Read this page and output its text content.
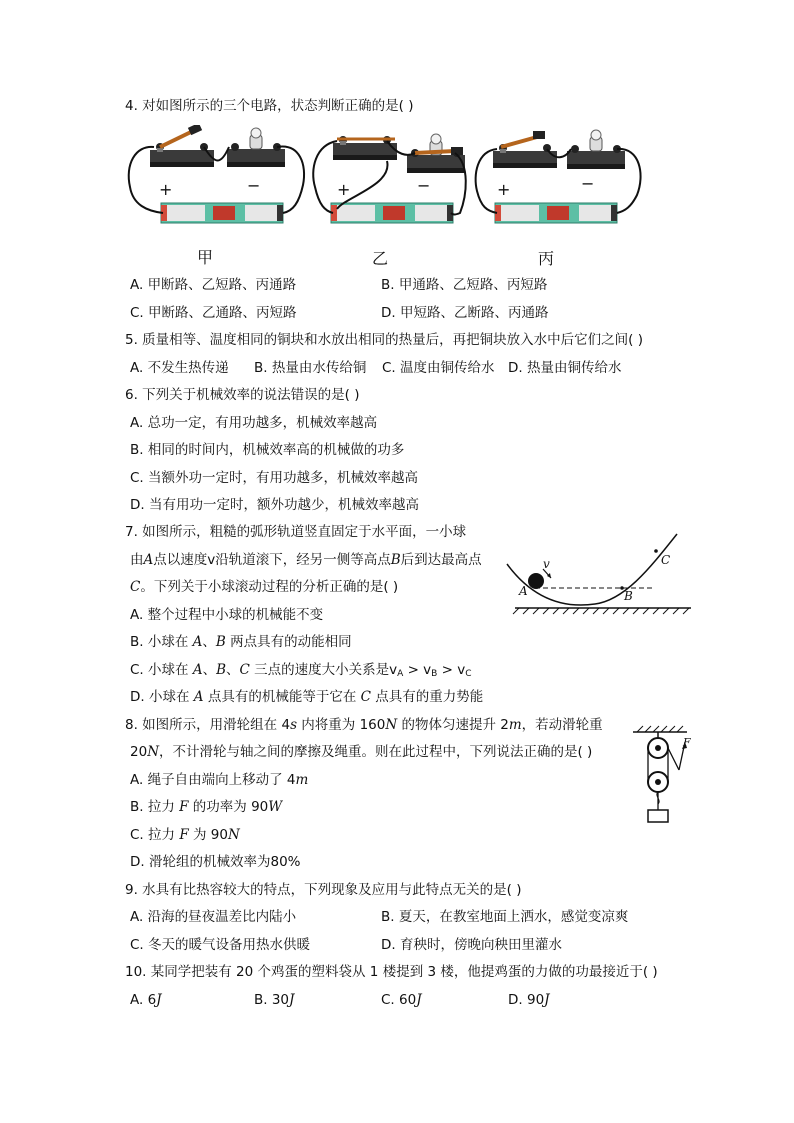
4. 对如图所示的三个电路，状态判断正确的是( )
+	−	+	−	+	−
甲	乙	丙
A. 甲断路、乙短路、丙通路	B. 甲通路、乙短路、丙短路
C. 甲断路、乙通路、丙短路	D. 甲短路、乙断路、丙通路
5. 质量相等、温度相同的铜块和水放出相同的热量后，再把铜块放入水中后它们之间( )
A. 不发生热传递 B. 热量由水传给铜 C. 温度由铜传给水 D. 热量由铜传给水
6. 下列关于机械效率的说法错误的是( )
A. 总功一定，有用功越多，机械效率越高
B. 相同的时间内，机械效率高的机械做的功多
C. 当额外功一定时，有用功越多，机械效率越高
D. 当有用功一定时，额外功越少，机械效率越高
7. 如图所示，粗糙的弧形轨道竖直固定于水平面，一小球
由A点以速度v沿轨道滚下，经另一侧等高点B后到达最高点
C。下列关于小球滚动过程的分析正确的是( )
A. 整个过程中小球的机械能不变
B. 小球在 A、B 两点具有的动能相同
C. 小球在 A、B、C 三点的速度大小关系是$v_A > v_B > v_C$
D. 小球在 A 点具有的机械能等于它在 C 点具有的重力势能
v
A	B
C
8. 如图所示，用滑轮组在 4s 内将重为 160N 的物体匀速提升 2m，若动滑轮重
20N，不计滑轮与轴之间的摩擦及绳重。则在此过程中，下列说法正确的是( )
A. 绳子自由端向上移动了 4m
B. 拉力 F 的功率为 90W
C. 拉力 F 为 90N
D. 滑轮组的机械效率为80%
F
9. 水具有比热容较大的特点，下列现象及应用与此特点无关的是( )
A. 沿海的昼夜温差比内陆小	B. 夏天，在教室地面上洒水，感觉变凉爽
C. 冬天的暖气设备用热水供暖	D. 育秧时，傍晚向秧田里灌水
10. 某同学把装有 20 个鸡蛋的塑料袋从 1 楼提到 3 楼，他提鸡蛋的力做的功最接近于( )
A. 6J	B. 30J	C. 60J	D. 90J
